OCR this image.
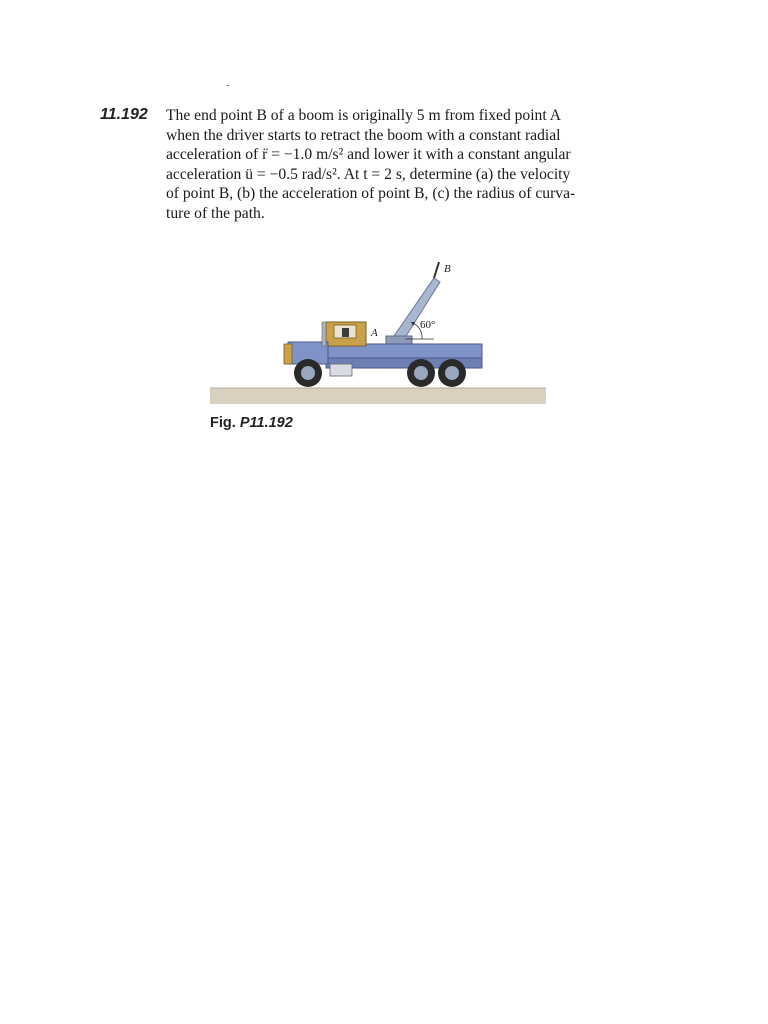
-
11.192 The end point B of a boom is originally 5 m from fixed point A
when the driver starts to retract the boom with a constant radial
acceleration of r̈ = −1.0 m/s² and lower it with a constant angular
acceleration ü = −0.5 rad/s². At t = 2 s, determine (a) the velocity
of point B, (b) the acceleration of point B, (c) the radius of curva-
ture of the path.
B
A
60°
Fig. P11.192
